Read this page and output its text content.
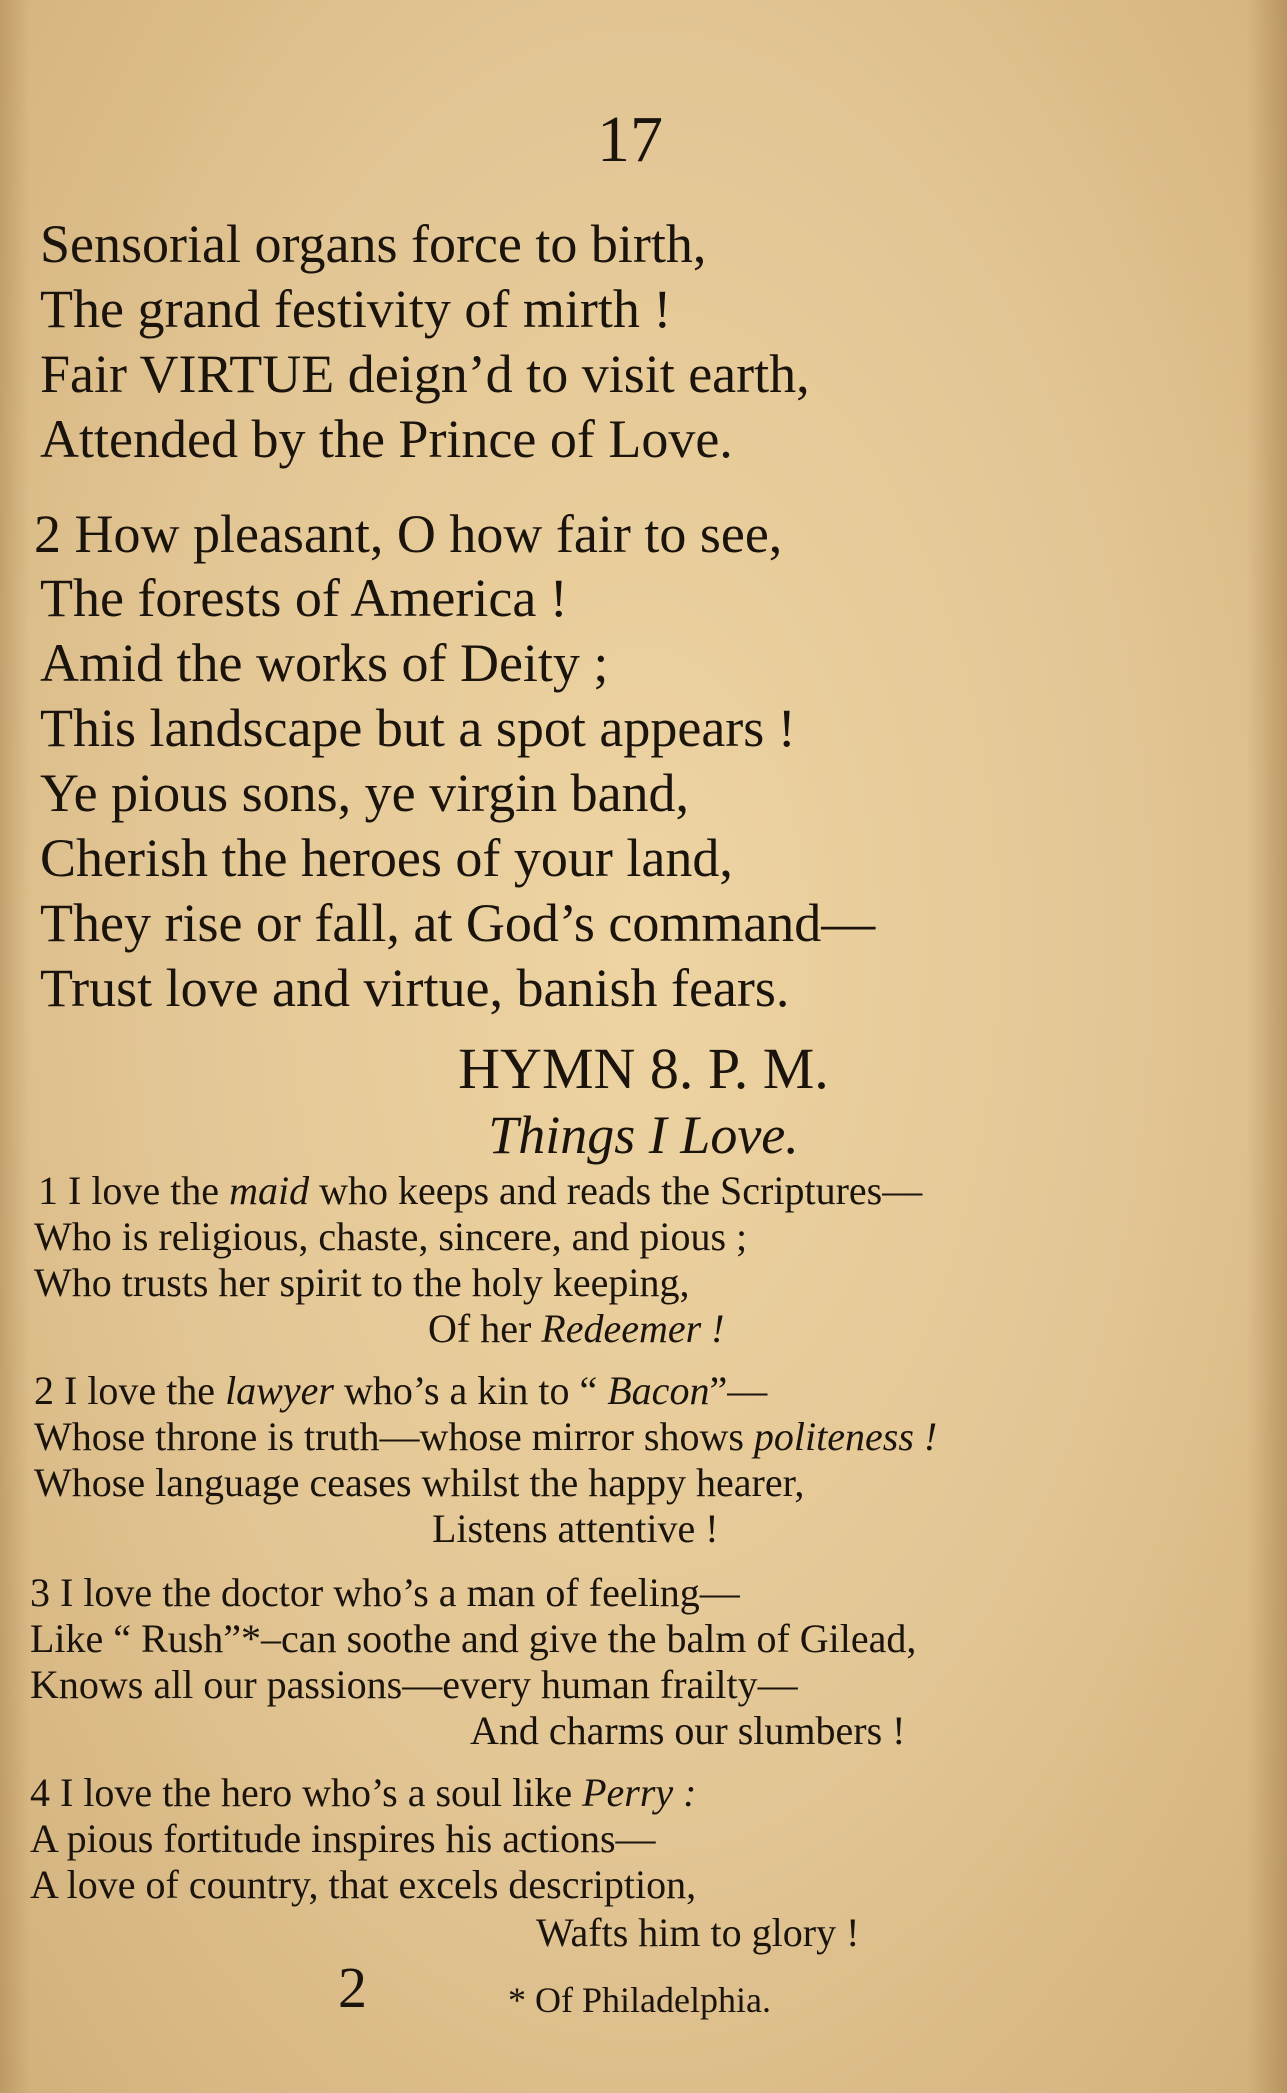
17
Sensorial organs force to birth,
The grand festivity of mirth !
Fair VIRTUE deign’d to visit earth,
Attended by the Prince of Love.
2 How pleasant, O how fair to see,
The forests of America !
Amid the works of Deity ;
This landscape but a spot appears !
Ye pious sons, ye virgin band,
Cherish the heroes of your land,
They rise or fall, at God’s command—
Trust love and virtue, banish fears.
HYMN 8. P. M.
Things I Love.
1 I love the maid who keeps and reads the Scriptures—
Who is religious, chaste, sincere, and pious ;
Who trusts her spirit to the holy keeping,
Of her Redeemer !
2 I love the lawyer who’s a kin to “ Bacon”—
Whose throne is truth—whose mirror shows politeness !
Whose language ceases whilst the happy hearer,
Listens attentive !
3 I love the doctor who’s a man of feeling—
Like “ Rush”*–can soothe and give the balm of Gilead,
Knows all our passions—every human frailty—
And charms our slumbers !
4 I love the hero who’s a soul like Perry :
A pious fortitude inspires his actions—
A love of country, that excels description,
Wafts him to glory !
2	* Of Philadelphia.
